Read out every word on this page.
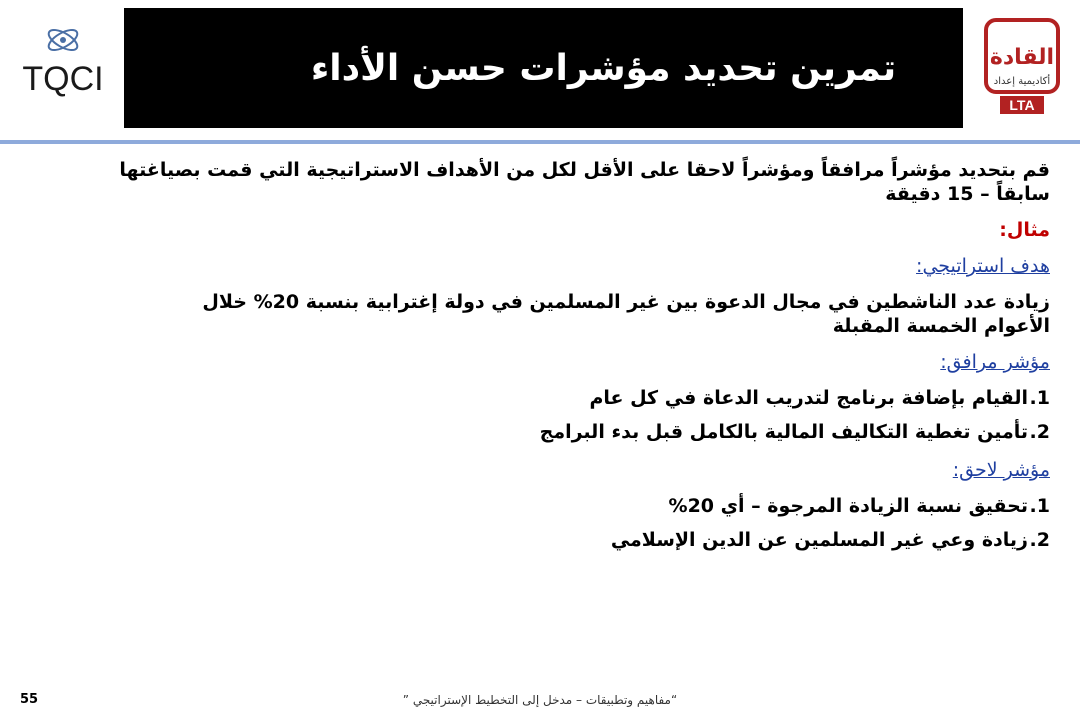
TQCI	تمرين تحديد مؤشرات حسن الأداء	القادة
أكاديمية إعداد
LTA
قم بتحديد مؤشراً مرافقاً ومؤشراً لاحقا على الأقل لكل من الأهداف الاستراتيجية التي قمت بصياغتها
سابقاً – 15 دقيقة
مثال:
هدف استراتيجي:
زيادة عدد الناشطين في مجال الدعوة بين غير المسلمين في دولة إغترابية بنسبة 20% خلال
الأعوام الخمسة المقبلة
مؤشر مرافق:
1.
القيام بإضافة برنامج لتدريب الدعاة في كل عام
2.
تأمين تغطية التكاليف المالية بالكامل قبل بدء البرامج
مؤشر لاحق:
1.
تحقيق نسبة الزيادة المرجوة – أي 20%
2.
زيادة وعي غير المسلمين عن الدين الإسلامي
55	“مفاهيم وتطبيقات – مدخل إلى التخطيط الإستراتيجي ”
